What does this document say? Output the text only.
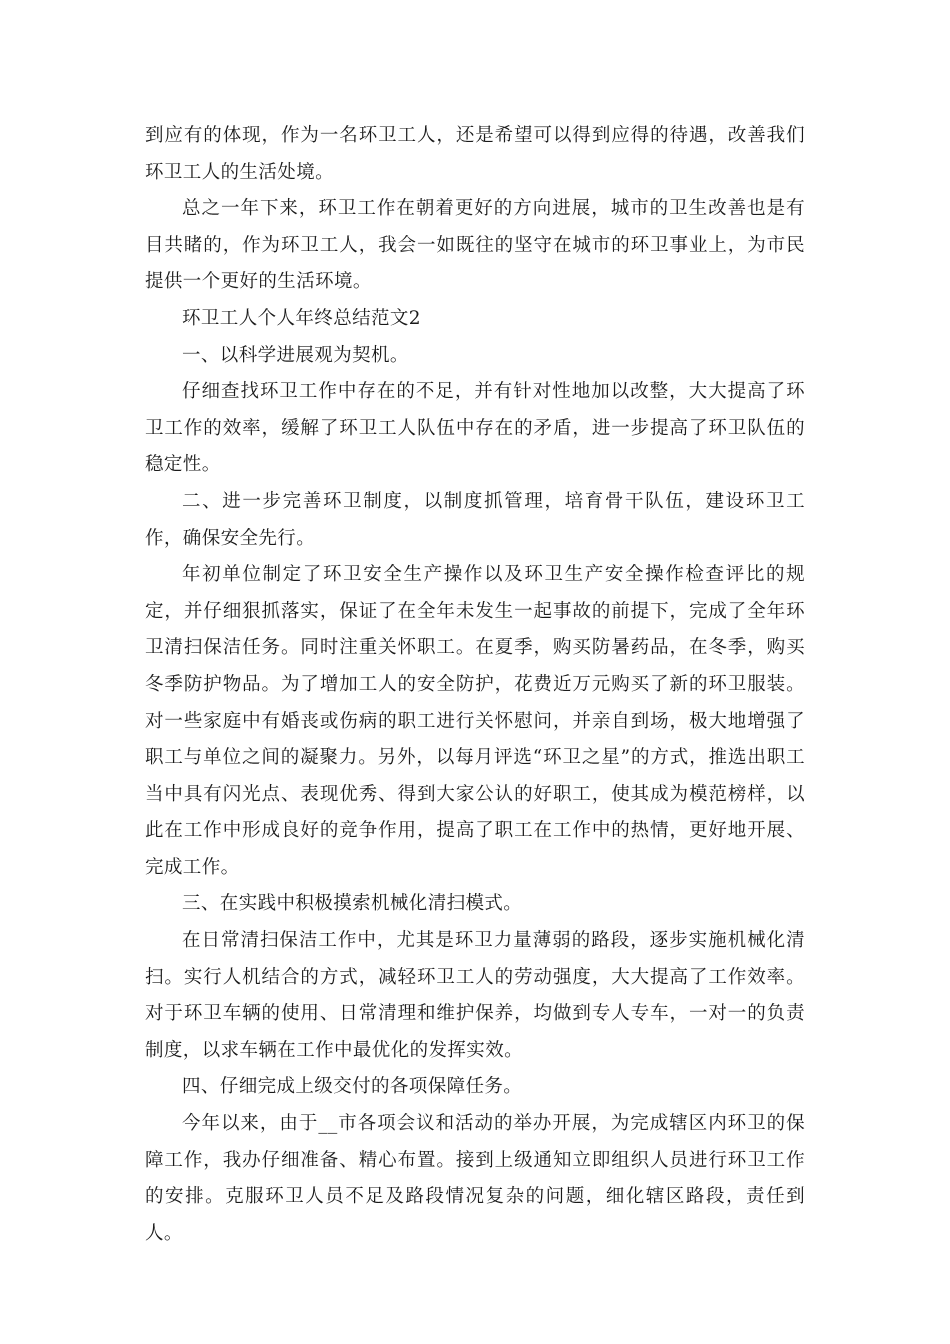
到应有的体现，作为一名环卫工人，还是希望可以得到应得的待遇，改善我们环卫工人的生活处境。

总之一年下来，环卫工作在朝着更好的方向进展，城市的卫生改善也是有目共睹的，作为环卫工人，我会一如既往的坚守在城市的环卫事业上，为市民提供一个更好的生活环境。

环卫工人个人年终总结范文2

一、以科学进展观为契机。

仔细查找环卫工作中存在的不足，并有针对性地加以改整，大大提高了环卫工作的效率，缓解了环卫工人队伍中存在的矛盾，进一步提高了环卫队伍的稳定性。

二、进一步完善环卫制度，以制度抓管理，培育骨干队伍，建设环卫工作，确保安全先行。

年初单位制定了环卫安全生产操作以及环卫生产安全操作检查评比的规定，并仔细狠抓落实，保证了在全年未发生一起事故的前提下，完成了全年环卫清扫保洁任务。同时注重关怀职工。在夏季，购买防暑药品，在冬季，购买冬季防护物品。为了增加工人的安全防护，花费近万元购买了新的环卫服装。对一些家庭中有婚丧或伤病的职工进行关怀慰问，并亲自到场，极大地增强了职工与单位之间的凝聚力。另外，以每月评选“环卫之星”的方式，推选出职工当中具有闪光点、表现优秀、得到大家公认的好职工，使其成为模范榜样，以此在工作中形成良好的竞争作用，提高了职工在工作中的热情，更好地开展、完成工作。

三、在实践中积极摸索机械化清扫模式。

在日常清扫保洁工作中，尤其是环卫力量薄弱的路段，逐步实施机械化清扫。实行人机结合的方式，减轻环卫工人的劳动强度，大大提高了工作效率。对于环卫车辆的使用、日常清理和维护保养，均做到专人专车，一对一的负责制度，以求车辆在工作中最优化的发挥实效。

四、仔细完成上级交付的各项保障任务。

今年以来，由于__市各项会议和活动的举办开展，为完成辖区内环卫的保障工作，我办仔细准备、精心布置。接到上级通知立即组织人员进行环卫工作的安排。克服环卫人员不足及路段情况复杂的问题，细化辖区路段，责任到人。
